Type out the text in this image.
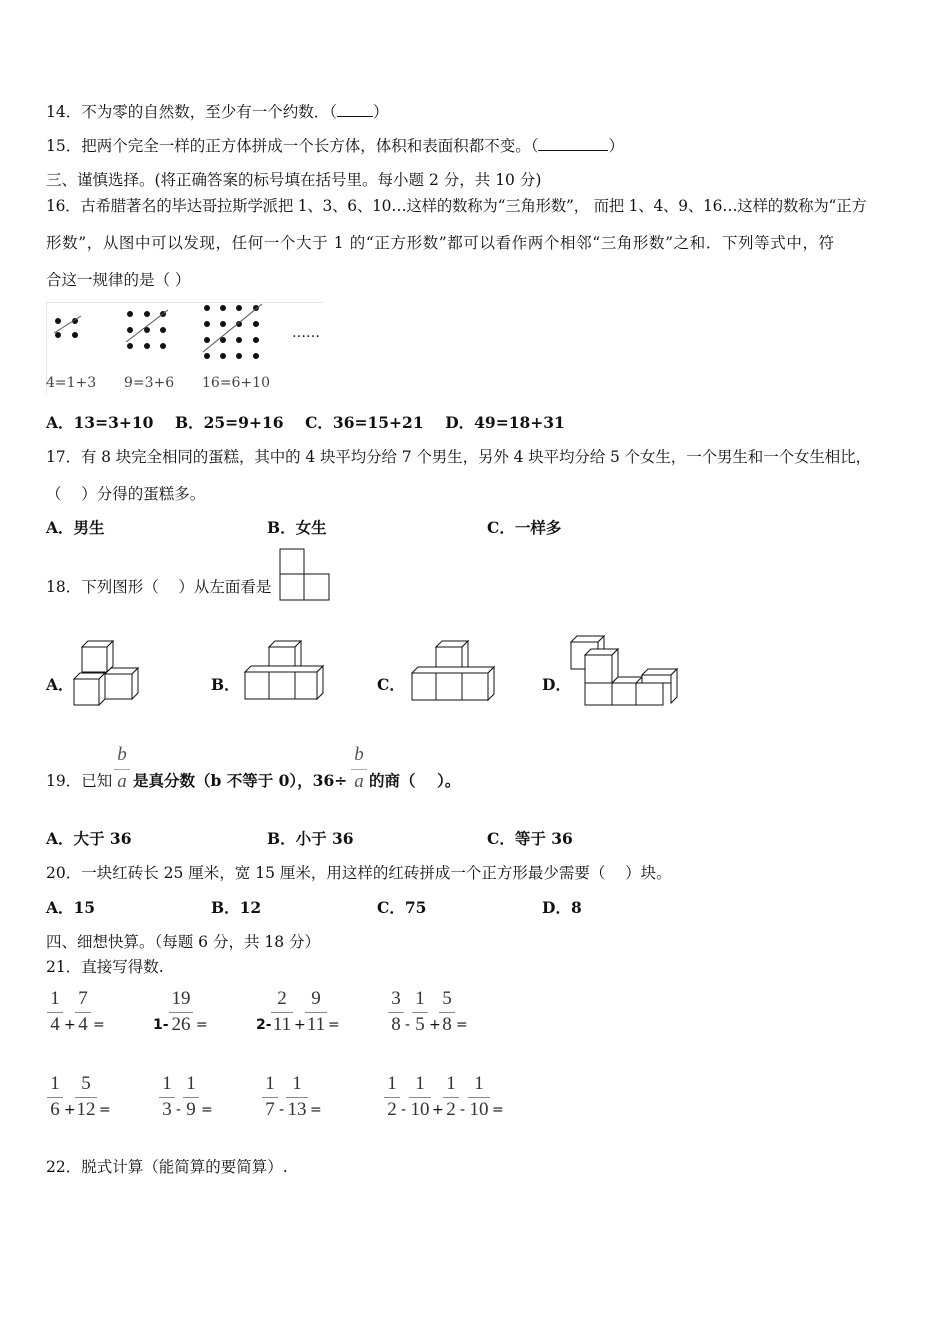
14．不为零的自然数，至少有一个约数．（ ）
15．把两个完全一样的正方体拼成一个长方体，体积和表面积都不变。（	）
三、谨慎选择。(将正确答案的标号填在括号里。每小题 2 分，共 10 分)
16．古希腊著名的毕达哥拉斯学派把 1、3、6、10…这样的数称为“三角形数”， 而把 1、4、9、16…这样的数称为“正方
形数”，从图中可以发现，任何一个大于 1 的“正方形数”都可以看作两个相邻“三角形数”之和．下列等式中，符
合这一规律的是（ ）
4=1+3 9=3+6 16=6+10
……
A．13=3+10    B．25=9+16    C．36=15+21    D．49=18+31
17．有 8 块完全相同的蛋糕，其中的 4 块平均分给 7 个男生，另外 4 块平均分给 5 个女生，一个男生和一个女生相比，
（    ）分得的蛋糕多。
A．男生	B．女生	C．一样多
18．下列图形（    ）从左面看是
A．	B．	C．	D．
19．已知
b
a 是真分数（b 不等于 0），36÷
b
a 的商（    ）。
A．大于 36	B．小于 36	C．等于 36
20．一块红砖长 25 厘米，宽 15 厘米，用这样的红砖拼成一个正方形最少需要（    ）块。
A．15	B．12	C．75	D．8
四、细想快算。（每题 6 分，共 18 分）
21．直接写得数.
1
4 +
7
4 =	1-
19
26 =	2-
2
11 +
9
11 =
3
8 -
1
5 +
5
8 =
1
6 +
5
12 =
1
3 -
1
9 =
1
7 -
1
13 =
1
2 -
1
10 +
1
2 -
1
10 =
22．脱式计算（能简算的要简算）.
